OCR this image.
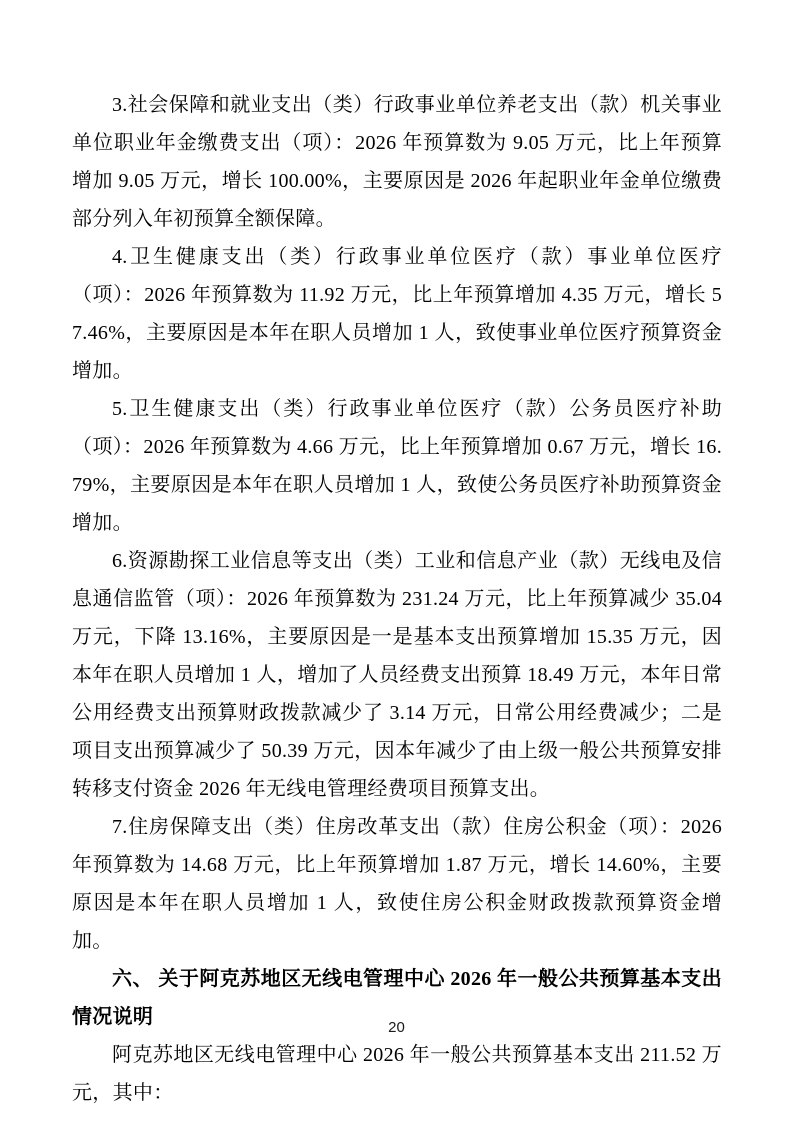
3.社会保障和就业支出（类）行政事业单位养老支出（款）机关事业单位职业年金缴费支出（项）：2026 年预算数为 9.05 万元，比上年预算增加 9.05 万元，增长 100.00%，主要原因是 2026 年起职业年金单位缴费部分列入年初预算全额保障。

4.卫生健康支出（类）行政事业单位医疗（款）事业单位医疗（项）：2026 年预算数为 11.92 万元，比上年预算增加 4.35 万元，增长 57.46%，主要原因是本年在职人员增加 1 人，致使事业单位医疗预算资金增加。

5.卫生健康支出（类）行政事业单位医疗（款）公务员医疗补助（项）：2026 年预算数为 4.66 万元，比上年预算增加 0.67 万元，增长 16.79%，主要原因是本年在职人员增加 1 人，致使公务员医疗补助预算资金增加。

6.资源勘探工业信息等支出（类）工业和信息产业（款）无线电及信息通信监管（项）：2026 年预算数为 231.24 万元，比上年预算减少 35.04 万元，下降 13.16%，主要原因是一是基本支出预算增加 15.35 万元，因本年在职人员增加 1 人，增加了人员经费支出预算 18.49 万元，本年日常公用经费支出预算财政拨款减少了 3.14 万元，日常公用经费减少；二是项目支出预算减少了 50.39 万元，因本年减少了由上级一般公共预算安排转移支付资金 2026 年无线电管理经费项目预算支出。

7.住房保障支出（类）住房改革支出（款）住房公积金（项）：2026 年预算数为 14.68 万元，比上年预算增加 1.87 万元，增长 14.60%，主要原因是本年在职人员增加 1 人，致使住房公积金财政拨款预算资金增加。

六、 关于阿克苏地区无线电管理中心 2026 年一般公共预算基本支出情况说明

阿克苏地区无线电管理中心 2026 年一般公共预算基本支出 211.52 万元，其中：

20
